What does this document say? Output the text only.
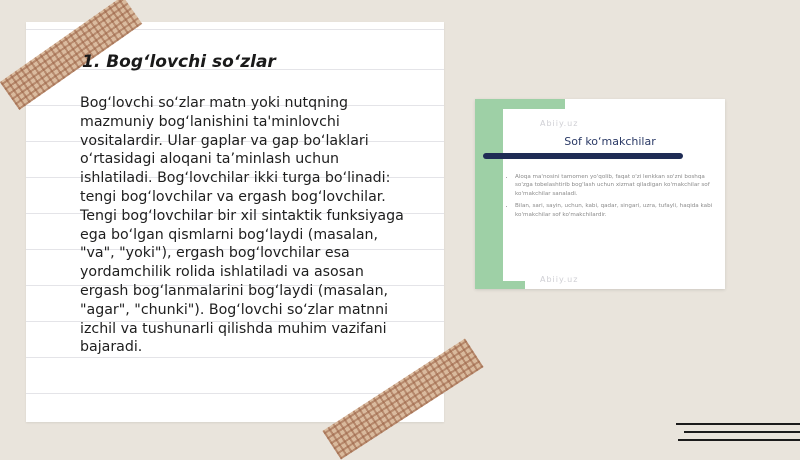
1. Bog‘lovchi so‘zlar
Bog‘lovchi so‘zlar matn yoki nutqning
mazmuniy bog‘lanishini ta'minlovchi
vositalardir. Ular gaplar va gap bo‘laklari
o‘rtasidagi aloqani ta’minlash uchun
ishlatiladi. Bog‘lovchilar ikki turga bo‘linadi:
tengi bog‘lovchilar va ergash bog‘lovchilar.
Tengi bog‘lovchilar bir xil sintaktik funksiyaga
ega bo‘lgan qismlarni bog‘laydi (masalan,
"va", "yoki"), ergash bog‘lovchilar esa
yordamchilik rolida ishlatiladi va asosan
ergash bog‘lanmalarini bog‘laydi (masalan,
"agar", "chunki"). Bog‘lovchi so‘zlar matnni
izchil va tushunarli qilishda muhim vazifani
bajaradi.
Abiiy.uz
Sof ko‘makchilar
• Aloqa ma'nosini tamomen yo'qolib, faqat o'zi lenkkan so'zni boshqa so'zga tobelashtirib bog'lash uchun xizmat qiladigan ko'makchilar sof ko'makchilar sanaladi.
• Bilan, sari, sayin, uchun, kabi, qadar, singari, uzra, tufayli, haqida kabi ko'makchilar sof ko'makchilardir.
Abiiy.uz
